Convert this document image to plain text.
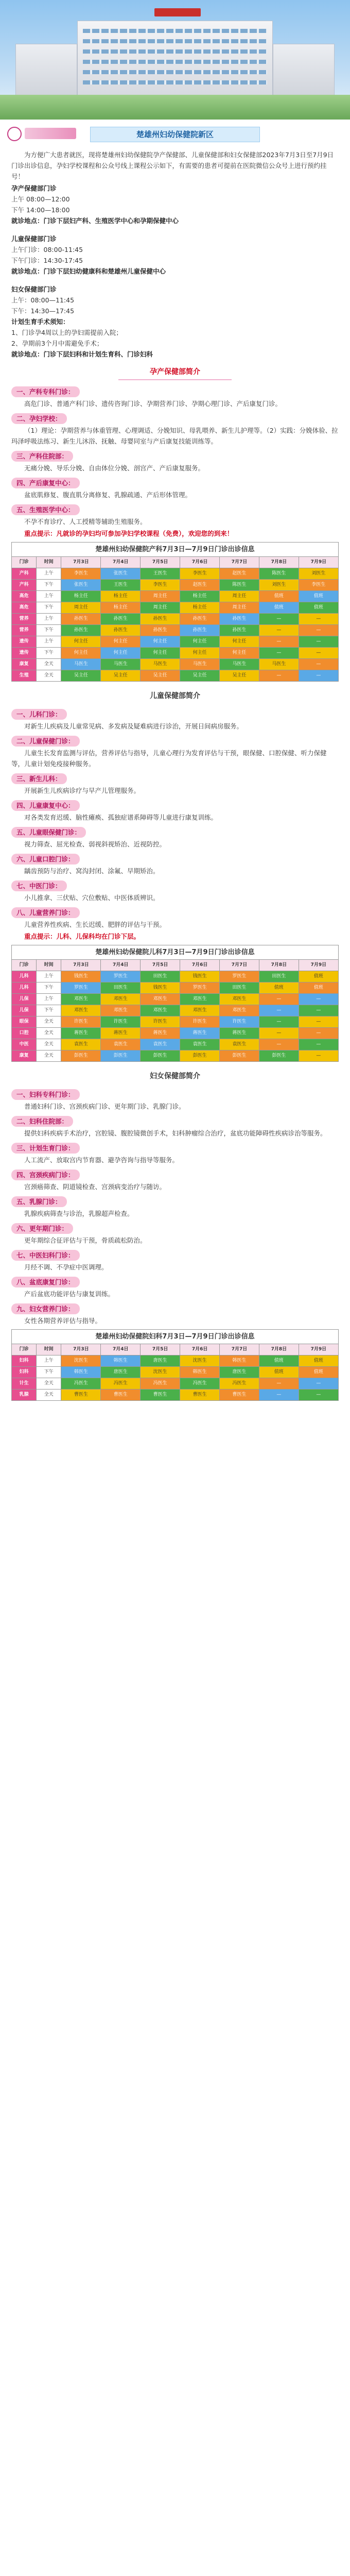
楚雄州妇幼保健院新区

为方便广大患者就医，现将楚雄州妇幼保健院孕产保健部、儿童保健部和妇女保健部2023年7月3日至7月9日门诊出诊信息，孕妇学校课程和公众号线上课程公示如下，有需要的患者可提前在医院微信公众号上进行预约挂号！

孕产保健部门诊

上午 08:00—12:00

下午 14:00—18:00

就诊地点：门诊下层妇产科、生殖医学中心和孕期保健中心

儿童保健部门诊

上午门诊：08:00-11:45

下午门诊：14:30-17:45

就诊地点：门诊下层妇幼健康科和楚雄州儿童保健中心

妇女保健部门诊

上午：08:00—11:45

下午：14:30—17:45

计划生育手术须知：

1、门诊孕4周以上的孕妇需提前入院；

2、孕期前3个月中需避免手术；

就诊地点：门诊下层妇科和计划生育科、门诊妇科

孕产保健部简介
一、产科专科门诊：

高危门诊、普通产科门诊、遗传咨询门诊、孕期营养门诊、孕期心理门诊、产后康复门诊。

二、孕妇学校：

（1）理论：孕期营养与体重管理、心理调适、分娩知识、母乳喂养、新生儿护理等。（2）实践：分娩体验、拉玛泽呼吸法练习、新生儿沐浴、抚触、母婴同室与产后康复技能训练等。

三、产科住院部：

无痛分娩、导乐分娩、自由体位分娩、剖宫产、产后康复服务。

四、产后康复中心：

盆底肌修复、腹直肌分离修复、乳腺疏通、产后形体管理。

五、生殖医学中心：

不孕不育诊疗、人工授精等辅助生殖服务。

重点提示：凡就诊的孕妇均可参加孕妇学校课程（免费），欢迎您的到来！

楚雄州妇幼保健院产科7月3日—7月9日门诊出诊信息								
门诊	时间	7月3日	7月4日	7月5日	7月6日	7月7日	7月8日	7月9日
产科	上午	李医生	张医生	王医生	李医生	赵医生	陈医生	刘医生
产科	下午	张医生	王医生	李医生	赵医生	陈医生	刘医生	李医生
高危	上午	杨主任	杨主任	周主任	杨主任	周主任	值班	值班
高危	下午	周主任	杨主任	周主任	杨主任	周主任	值班	值班
营养	上午	孙医生	孙医生	孙医生	孙医生	孙医生	—	—
营养	下午	孙医生	孙医生	孙医生	孙医生	孙医生	—	—
遗传	上午	何主任	何主任	何主任	何主任	何主任	—	—
遗传	下午	何主任	何主任	何主任	何主任	何主任	—	—
康复	全天	马医生	马医生	马医生	马医生	马医生	马医生	—
生殖	全天	吴主任	吴主任	吴主任	吴主任	吴主任	—	—
儿童保健部简介
一、儿科门诊：

对新生儿疾病及儿童常见病、多发病及疑难病进行诊治，开展日间病房服务。

二、儿童保健门诊：

儿童生长发育监测与评估，营养评估与指导，儿童心理行为发育评估与干预，眼保健、口腔保健、听力保健等，儿童计划免疫接种服务。

三、新生儿科：

开展新生儿疾病诊疗与早产儿管理服务。

四、儿童康复中心：

对各类发育迟缓、脑性瘫痪、孤独症谱系障碍等儿童进行康复训练。

五、儿童眼保健门诊：

视力筛查、屈光检查、弱视斜视矫治、近视防控。

六、儿童口腔门诊：

龋齿预防与治疗、窝沟封闭、涂氟、早期矫治。

七、中医门诊：

小儿推拿、三伏贴、穴位敷贴、中医体质辨识。

八、儿童营养门诊：

儿童营养性疾病、生长迟缓、肥胖的评估与干预。

重点提示：儿科、儿保科均在门诊下层。

楚雄州妇幼保健院儿科7月3日—7月9日门诊出诊信息								
门诊	时间	7月3日	7月4日	7月5日	7月6日	7月7日	7月8日	7月9日
儿科	上午	钱医生	罗医生	田医生	钱医生	罗医生	田医生	值班
儿科	下午	罗医生	田医生	钱医生	罗医生	田医生	值班	值班
儿保	上午	邓医生	邓医生	邓医生	邓医生	邓医生	—	—
儿保	下午	邓医生	邓医生	邓医生	邓医生	邓医生	—	—
眼保	全天	许医生	许医生	许医生	许医生	许医生	—	—
口腔	全天	蒋医生	蒋医生	蒋医生	蒋医生	蒋医生	—	—
中医	全天	袁医生	袁医生	袁医生	袁医生	袁医生	—	—
康复	全天	彭医生	彭医生	彭医生	彭医生	彭医生	彭医生	—
妇女保健部简介
一、妇科专科门诊：

普通妇科门诊、宫颈疾病门诊、更年期门诊、乳腺门诊。

二、妇科住院部：

提供妇科疾病手术治疗，宫腔镜、腹腔镜微创手术，妇科肿瘤综合治疗，盆底功能障碍性疾病诊治等服务。

三、计划生育门诊：

人工流产、放取宫内节育器、避孕咨询与指导等服务。

四、宫颈疾病门诊：

宫颈癌筛查、阴道镜检查、宫颈病变治疗与随访。

五、乳腺门诊：

乳腺疾病筛查与诊治，乳腺超声检查。

六、更年期门诊：

更年期综合征评估与干预，骨质疏松防治。

七、中医妇科门诊：

月经不调、不孕症中医调理。

八、盆底康复门诊：

产后盆底功能评估与康复训练。

九、妇女营养门诊：

女性各期营养评估与指导。

楚雄州妇幼保健院妇科7月3日—7月9日门诊出诊信息								
门诊	时间	7月3日	7月4日	7月5日	7月6日	7月7日	7月8日	7月9日
妇科	上午	沈医生	韩医生	唐医生	沈医生	韩医生	值班	值班
妇科	下午	韩医生	唐医生	沈医生	韩医生	唐医生	值班	值班
计生	全天	冯医生	冯医生	冯医生	冯医生	冯医生	—	—
乳腺	全天	曹医生	曹医生	曹医生	曹医生	曹医生	—	—
